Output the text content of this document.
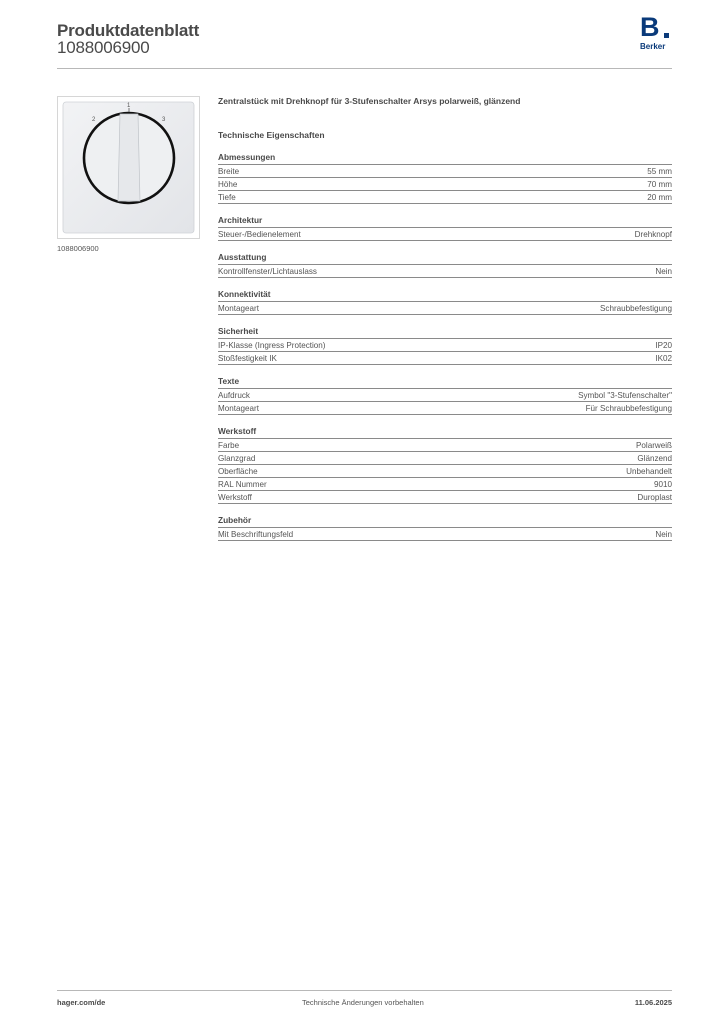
Produktdatenblatt
1088006900
B
Berker
2
1
3
1088006900
Zentralstück mit Drehknopf für 3-Stufenschalter Arsys polarweiß, glänzend
Technische Eigenschaften
Abmessungen
Breite	55 mm
Höhe	70 mm
Tiefe	20 mm
Architektur
Steuer-/Bedienelement	Drehknopf
Ausstattung
Kontrollfenster/Lichtauslass	Nein
Konnektivität
Montageart	Schraubbefestigung
Sicherheit
IP-Klasse (Ingress Protection)	IP20
Stoßfestigkeit IK	IK02
Texte
Aufdruck	Symbol "3-Stufenschalter"
Montageart	Für Schraubbefestigung
Werkstoff
Farbe	Polarweiß
Glanzgrad	Glänzend
Oberfläche	Unbehandelt
RAL Nummer	9010
Werkstoff	Duroplast
Zubehör
Mit Beschriftungsfeld	Nein
hager.com/de	Technische Änderungen vorbehalten	11.06.2025
